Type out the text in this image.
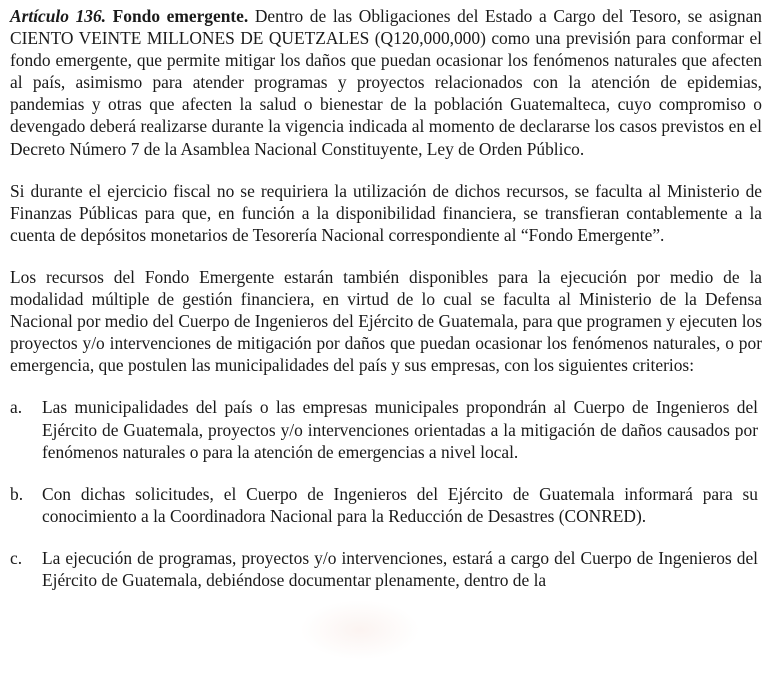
Artículo 136. Fondo emergente. Dentro de las Obligaciones del Estado a Cargo del Tesoro, se asignan CIENTO VEINTE MILLONES DE QUETZALES (Q120,000,000) como una previsión para conformar el fondo emergente, que permite mitigar los daños que puedan ocasionar los fenómenos naturales que afecten al país, asimismo para atender programas y proyectos relacionados con la atención de epidemias, pandemias y otras que afecten la salud o bienestar de la población Guatemalteca, cuyo compromiso o devengado deberá realizarse durante la vigencia indicada al momento de declararse los casos previstos en el Decreto Número 7 de la Asamblea Nacional Constituyente, Ley de Orden Público.

Si durante el ejercicio fiscal no se requiriera la utilización de dichos recursos, se faculta al Ministerio de Finanzas Públicas para que, en función a la disponibilidad financiera, se transfieran contablemente a la cuenta de depósitos monetarios de Tesorería Nacional correspondiente al “Fondo Emergente”.

Los recursos del Fondo Emergente estarán también disponibles para la ejecución por medio de la modalidad múltiple de gestión financiera, en virtud de lo cual se faculta al Ministerio de la Defensa Nacional por medio del Cuerpo de Ingenieros del Ejército de Guatemala, para que programen y ejecuten los proyectos y/o intervenciones de mitigación por daños que puedan ocasionar los fenómenos naturales, o por emergencia, que postulen las municipalidades del país y sus empresas, con los siguientes criterios:

a.	Las municipalidades del país o las empresas municipales propondrán al Cuerpo de Ingenieros del Ejército de Guatemala, proyectos y/o intervenciones orientadas a la mitigación de daños causados por fenómenos naturales o para la atención de emergencias a nivel local.
b.	Con dichas solicitudes, el Cuerpo de Ingenieros del Ejército de Guatemala informará para su conocimiento a la Coordinadora Nacional para la Reducción de Desastres (CONRED).
c.	La ejecución de programas, proyectos y/o intervenciones, estará a cargo del Cuerpo de Ingenieros del Ejército de Guatemala, debiéndose documentar plenamente, dentro de la
